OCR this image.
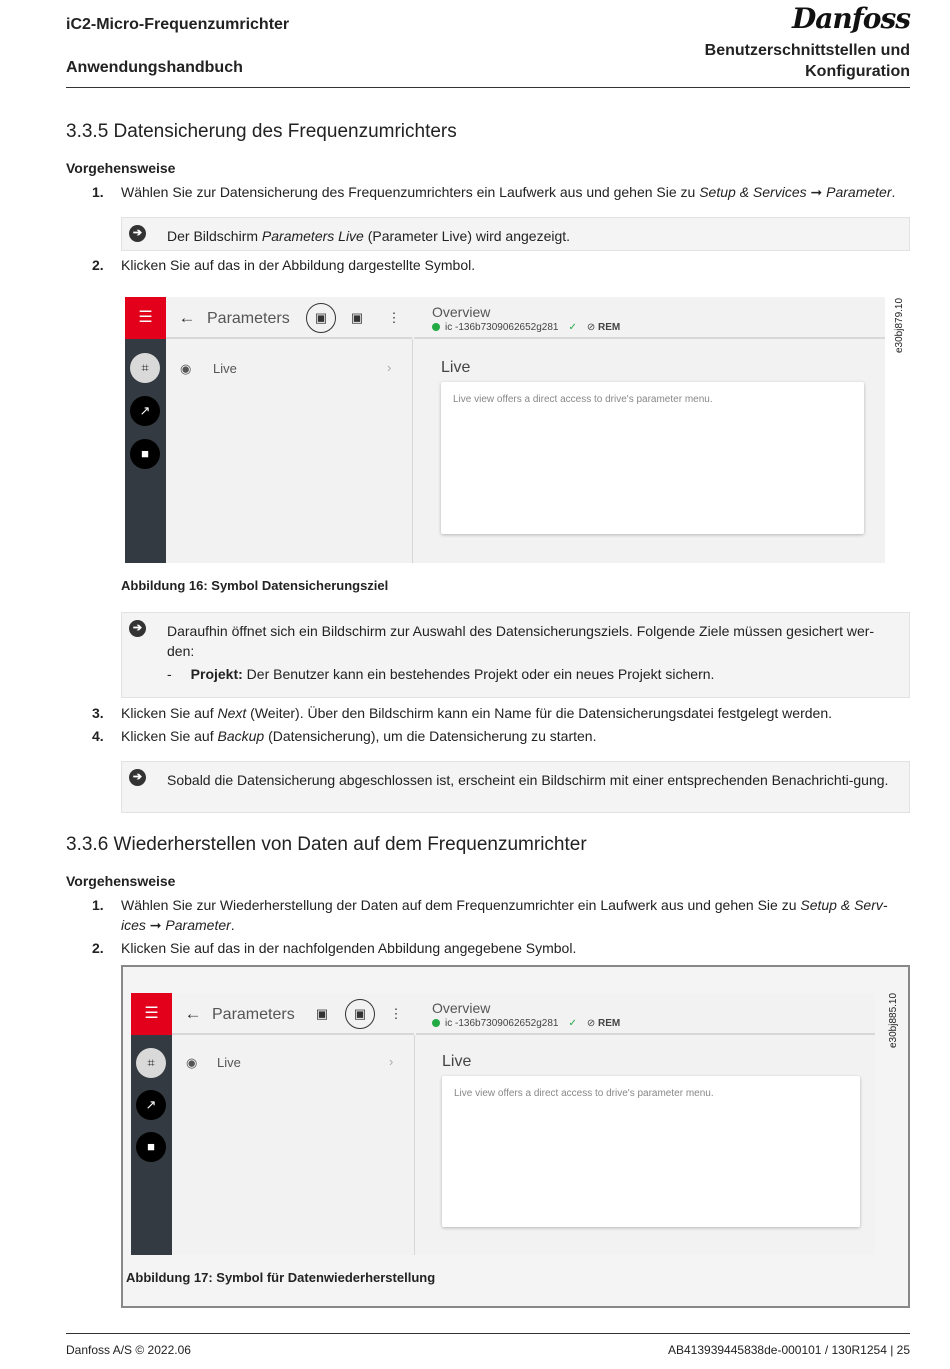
iC2-Micro-Frequenzumrichter
Anwendungshandbuch
Danfoss
Benutzerschnittstellen und
Konfiguration
3.3.5 Datensicherung des Frequenzumrichters
Vorgehensweise
1. Wählen Sie zur Datensicherung des Frequenzumrichters ein Laufwerk aus und gehen Sie zu Setup & Services ➞ Parameter.
➔ Der Bildschirm Parameters Live (Parameter Live) wird angezeigt.
2. Klicken Sie auf das in der Abbildung dargestellte Symbol.
☰
⌗
↗
■
← Parameters	▣	▣	⋮	Overview
ic -136b7309062652g281 ✓ ⊘ REM
◉ Live	›	Live
Live view offers a direct access to drive's parameter menu.
e30bj879.10
Abbildung 16: Symbol Datensicherungsziel
➔ Daraufhin öffnet sich ein Bildschirm zur Auswahl des Datensicherungsziels. Folgende Ziele müssen gesichert wer-den:
- Projekt: Der Benutzer kann ein bestehendes Projekt oder ein neues Projekt sichern.
3. Klicken Sie auf Next (Weiter). Über den Bildschirm kann ein Name für die Datensicherungsdatei festgelegt werden.
4. Klicken Sie auf Backup (Datensicherung), um die Datensicherung zu starten.
➔ Sobald die Datensicherung abgeschlossen ist, erscheint ein Bildschirm mit einer entsprechenden Benachrichti-gung.
3.3.6 Wiederherstellen von Daten auf dem Frequenzumrichter
Vorgehensweise
1. Wählen Sie zur Wiederherstellung der Daten auf dem Frequenzumrichter ein Laufwerk aus und gehen Sie zu Setup & Serv-ices ➞ Parameter.
2. Klicken Sie auf das in der nachfolgenden Abbildung angegebene Symbol.
☰
⌗
↗
■
← Parameters	▣	▣	⋮	Overview
ic -136b7309062652g281 ✓ ⊘ REM
◉ Live	›	Live
Live view offers a direct access to drive's parameter menu.
e30bj885.10
Abbildung 17: Symbol für Datenwiederherstellung
Danfoss A/S © 2022.06	AB413939445838de-000101 / 130R1254 | 25
